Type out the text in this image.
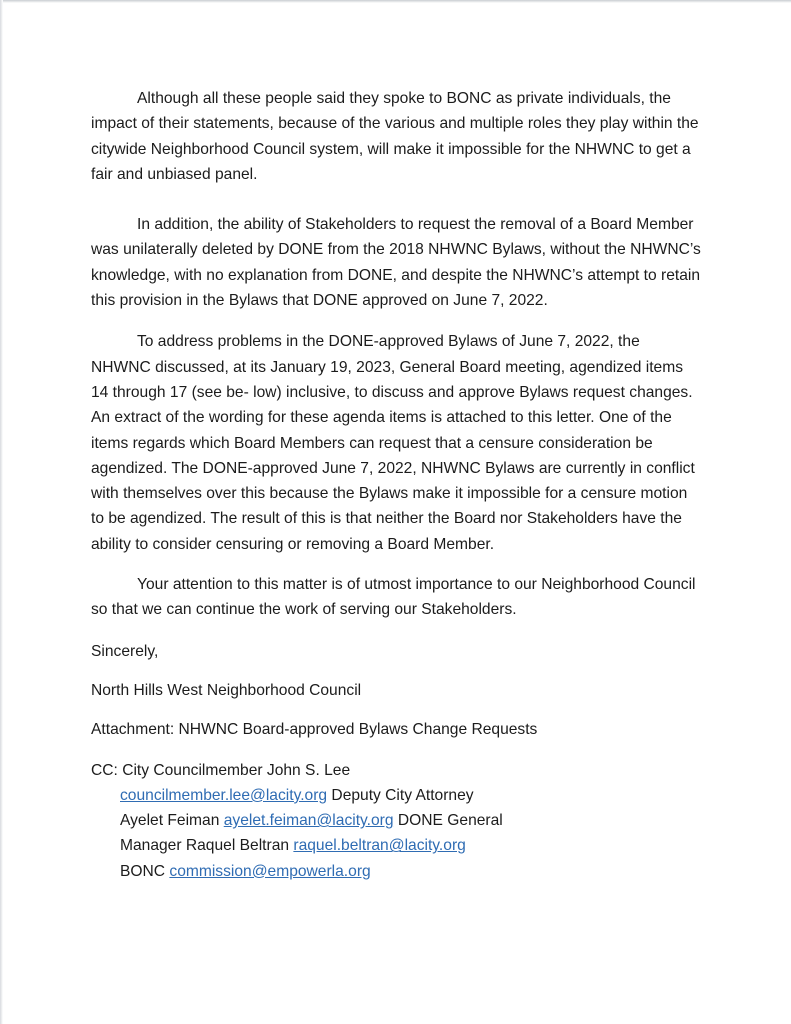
Although all these people said they spoke to BONC as private individuals, the impact of their statements, because of the various and multiple roles they play within the citywide Neighborhood Council system, will make it impossible for the NHWNC to get a fair and unbiased panel.

In addition, the ability of Stakeholders to request the removal of a Board Member was unilaterally deleted by DONE from the 2018 NHWNC Bylaws, without the NHWNC’s knowledge, with no explanation from DONE, and despite the NHWNC’s attempt to retain this provision in the Bylaws that DONE approved on June 7, 2022.

To address problems in the DONE-approved Bylaws of June 7, 2022, the NHWNC discussed, at its January 19, 2023, General Board meeting, agendized items 14 through 17 (see be- low) inclusive, to discuss and approve Bylaws request changes. An extract of the wording for these agenda items is attached to this letter. One of the items regards which Board Members can request that a censure consideration be agendized. The DONE-approved June 7, 2022, NHWNC Bylaws are currently in conflict with themselves over this because the Bylaws make it impossible for a censure motion to be agendized. The result of this is that neither the Board nor Stakeholders have the ability to consider censuring or removing a Board Member.

Your attention to this matter is of utmost importance to our Neighborhood Council so that we can continue the work of serving our Stakeholders.

Sincerely,

North Hills West Neighborhood Council

Attachment: NHWNC Board-approved Bylaws Change Requests

CC: City Councilmember John S. Lee

councilmember.lee@lacity.org Deputy City Attorney

Ayelet Feiman ayelet.feiman@lacity.org DONE General

Manager Raquel Beltran raquel.beltran@lacity.org

BONC commission@empowerla.org
